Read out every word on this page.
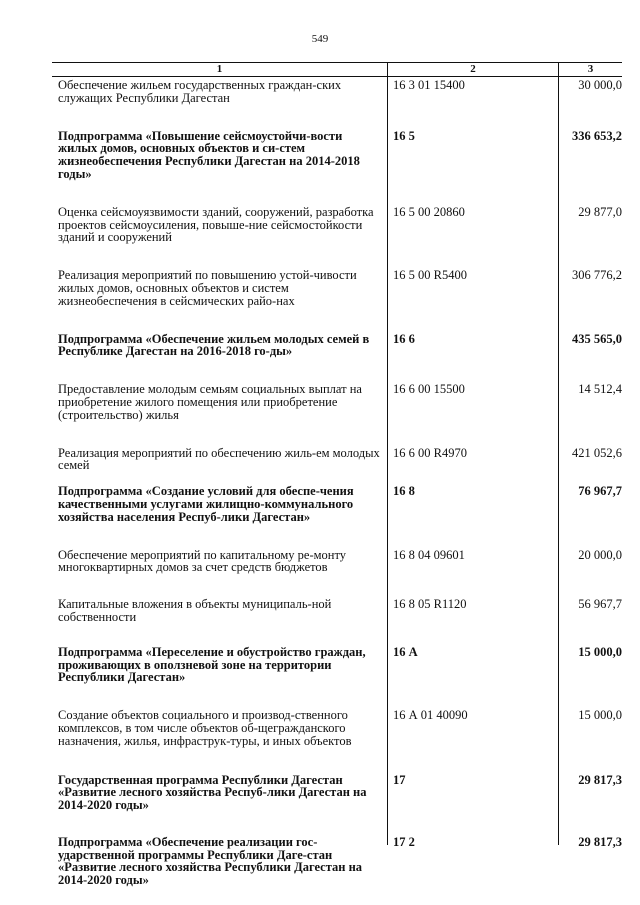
549
1	2	3
Обеспечение жильем государственных граждан-ских служащих Республики Дагестан
16 3 01 15400	30 000,0
Подпрограмма «Повышение сейсмоустойчи-вости жилых домов, основных объектов и си-стем жизнеобеспечения Республики Дагестан на 2014-2018 годы»
16 5	336 653,2
Оценка сейсмоуязвимости зданий, сооружений, разработка проектов сейсмоусиления, повыше-ние сейсмостойкости зданий и сооружений
16 5 00 20860	29 877,0
Реализация мероприятий по повышению устой-чивости жилых домов, основных объектов и систем жизнеобеспечения в сейсмических райо-нах
16 5 00 R5400	306 776,2
Подпрограмма «Обеспечение жильем молодых семей в Республике Дагестан на 2016-2018 го-ды»
16 6	435 565,0
Предоставление молодым семьям социальных выплат на приобретение жилого помещения или приобретение (строительство) жилья
16 6 00 15500	14 512,4
Реализация мероприятий по обеспечению жиль-ем молодых семей
16 6 00 R4970	421 052,6
Подпрограмма «Создание условий для обеспе-чения качественными услугами жилищно-коммунального хозяйства населения Респуб-лики Дагестан»
16 8	76 967,7
Обеспечение мероприятий по капитальному ре-монту многоквартирных домов за счет средств бюджетов
16 8 04 09601	20 000,0
Капитальные вложения в объекты муниципаль-ной собственности
16 8 05 R1120	56 967,7
Подпрограмма «Переселение и обустройство граждан, проживающих в оползневой зоне на территории Республики Дагестан»
16 А	15 000,0
Создание объектов социального и производ-ственного комплексов, в том числе объектов об-щегражданского назначения, жилья, инфраструк-туры, и иных объектов
16 А 01 40090	15 000,0
Государственная программа Республики Дагестан «Развитие лесного хозяйства Респуб-лики Дагестан на 2014-2020 годы»
17	29 817,3
Подпрограмма «Обеспечение реализации гос-ударственной программы Республики Даге-стан «Развитие лесного хозяйства Республики Дагестан на 2014-2020 годы»
17 2	29 817,3
